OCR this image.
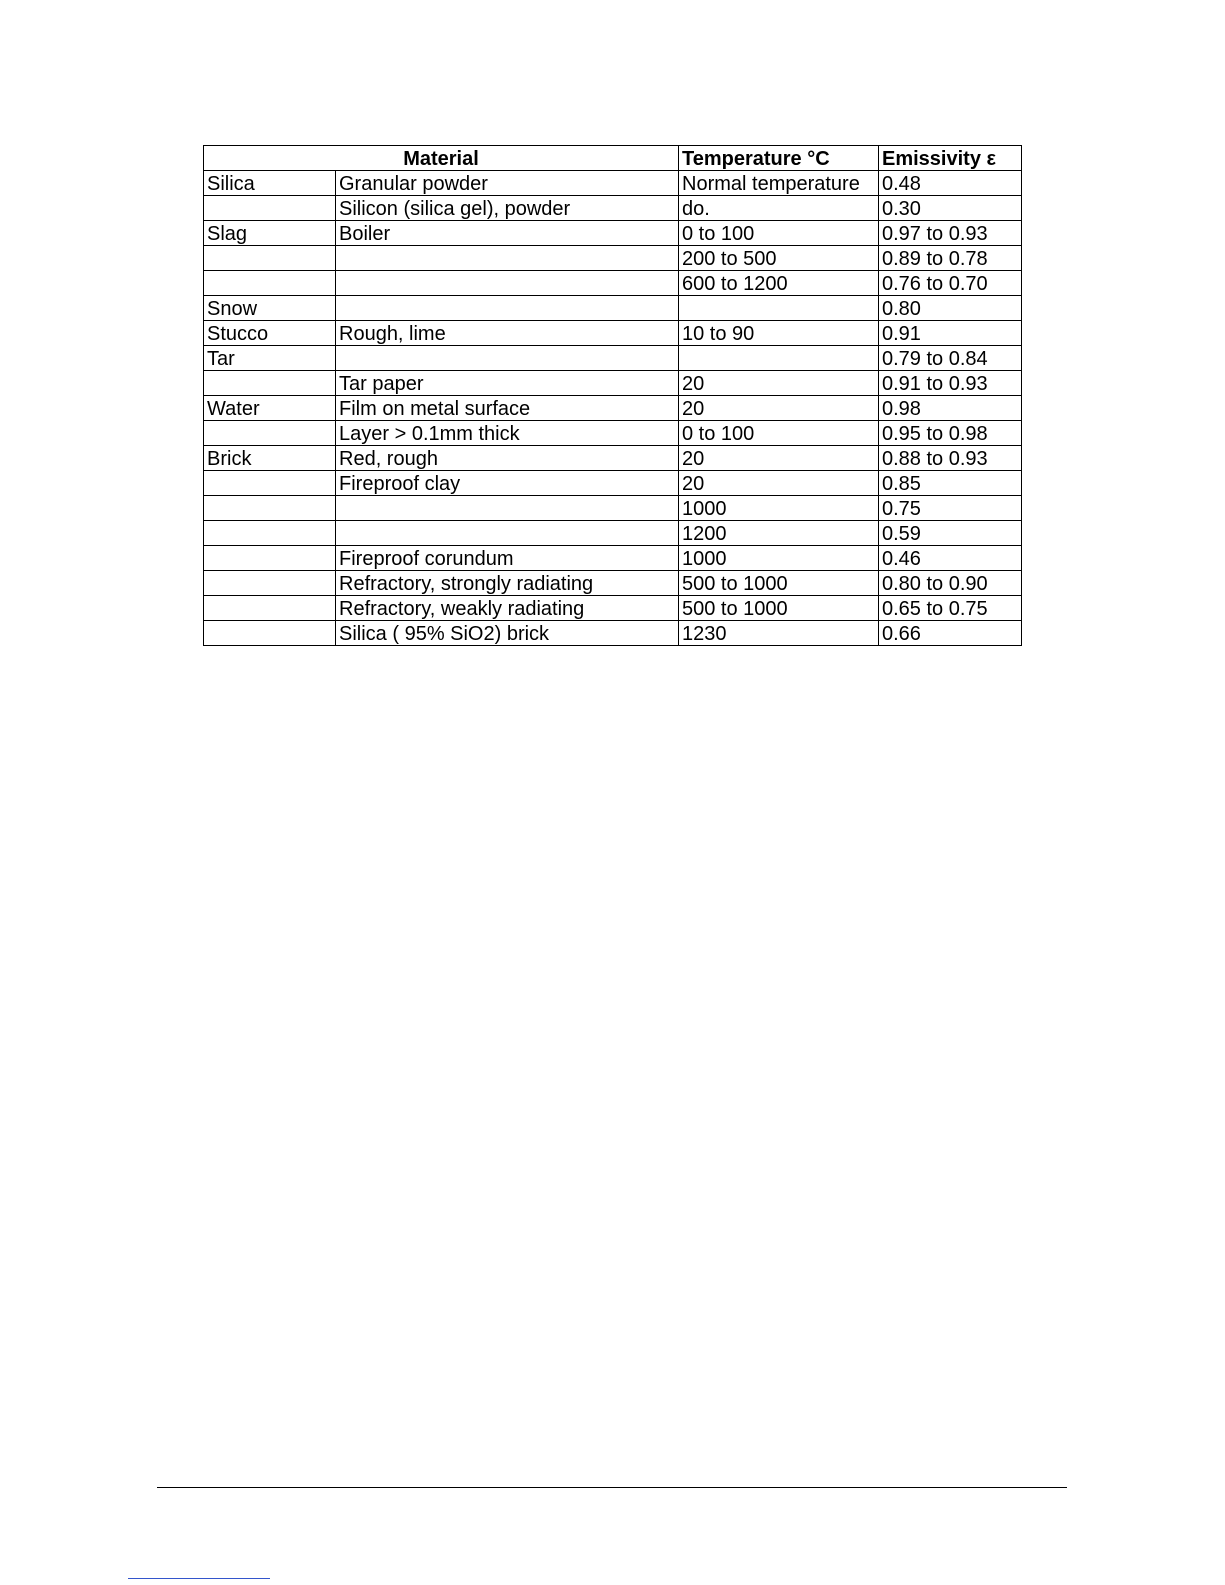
Material		Temperature °C	Emissivity ε
Silica	Granular powder	Normal temperature	0.48
	Silicon (silica gel), powder	do.	0.30
Slag	Boiler	0 to 100	0.97 to 0.93
		200 to 500	0.89 to 0.78
		600 to 1200	0.76 to 0.70
Snow			0.80
Stucco	Rough, lime	10 to 90	0.91
Tar			0.79 to 0.84
	Tar paper	20	0.91 to 0.93
Water	Film on metal surface	20	0.98
	Layer > 0.1mm thick	0 to 100	0.95 to 0.98
Brick	Red, rough	20	0.88 to 0.93
	Fireproof clay	20	0.85
		1000	0.75
		1200	0.59
	Fireproof corundum	1000	0.46
	Refractory, strongly radiating	500 to 1000	0.80 to 0.90
	Refractory, weakly radiating	500 to 1000	0.65 to 0.75
	Silica ( 95% SiO2) brick	1230	0.66
